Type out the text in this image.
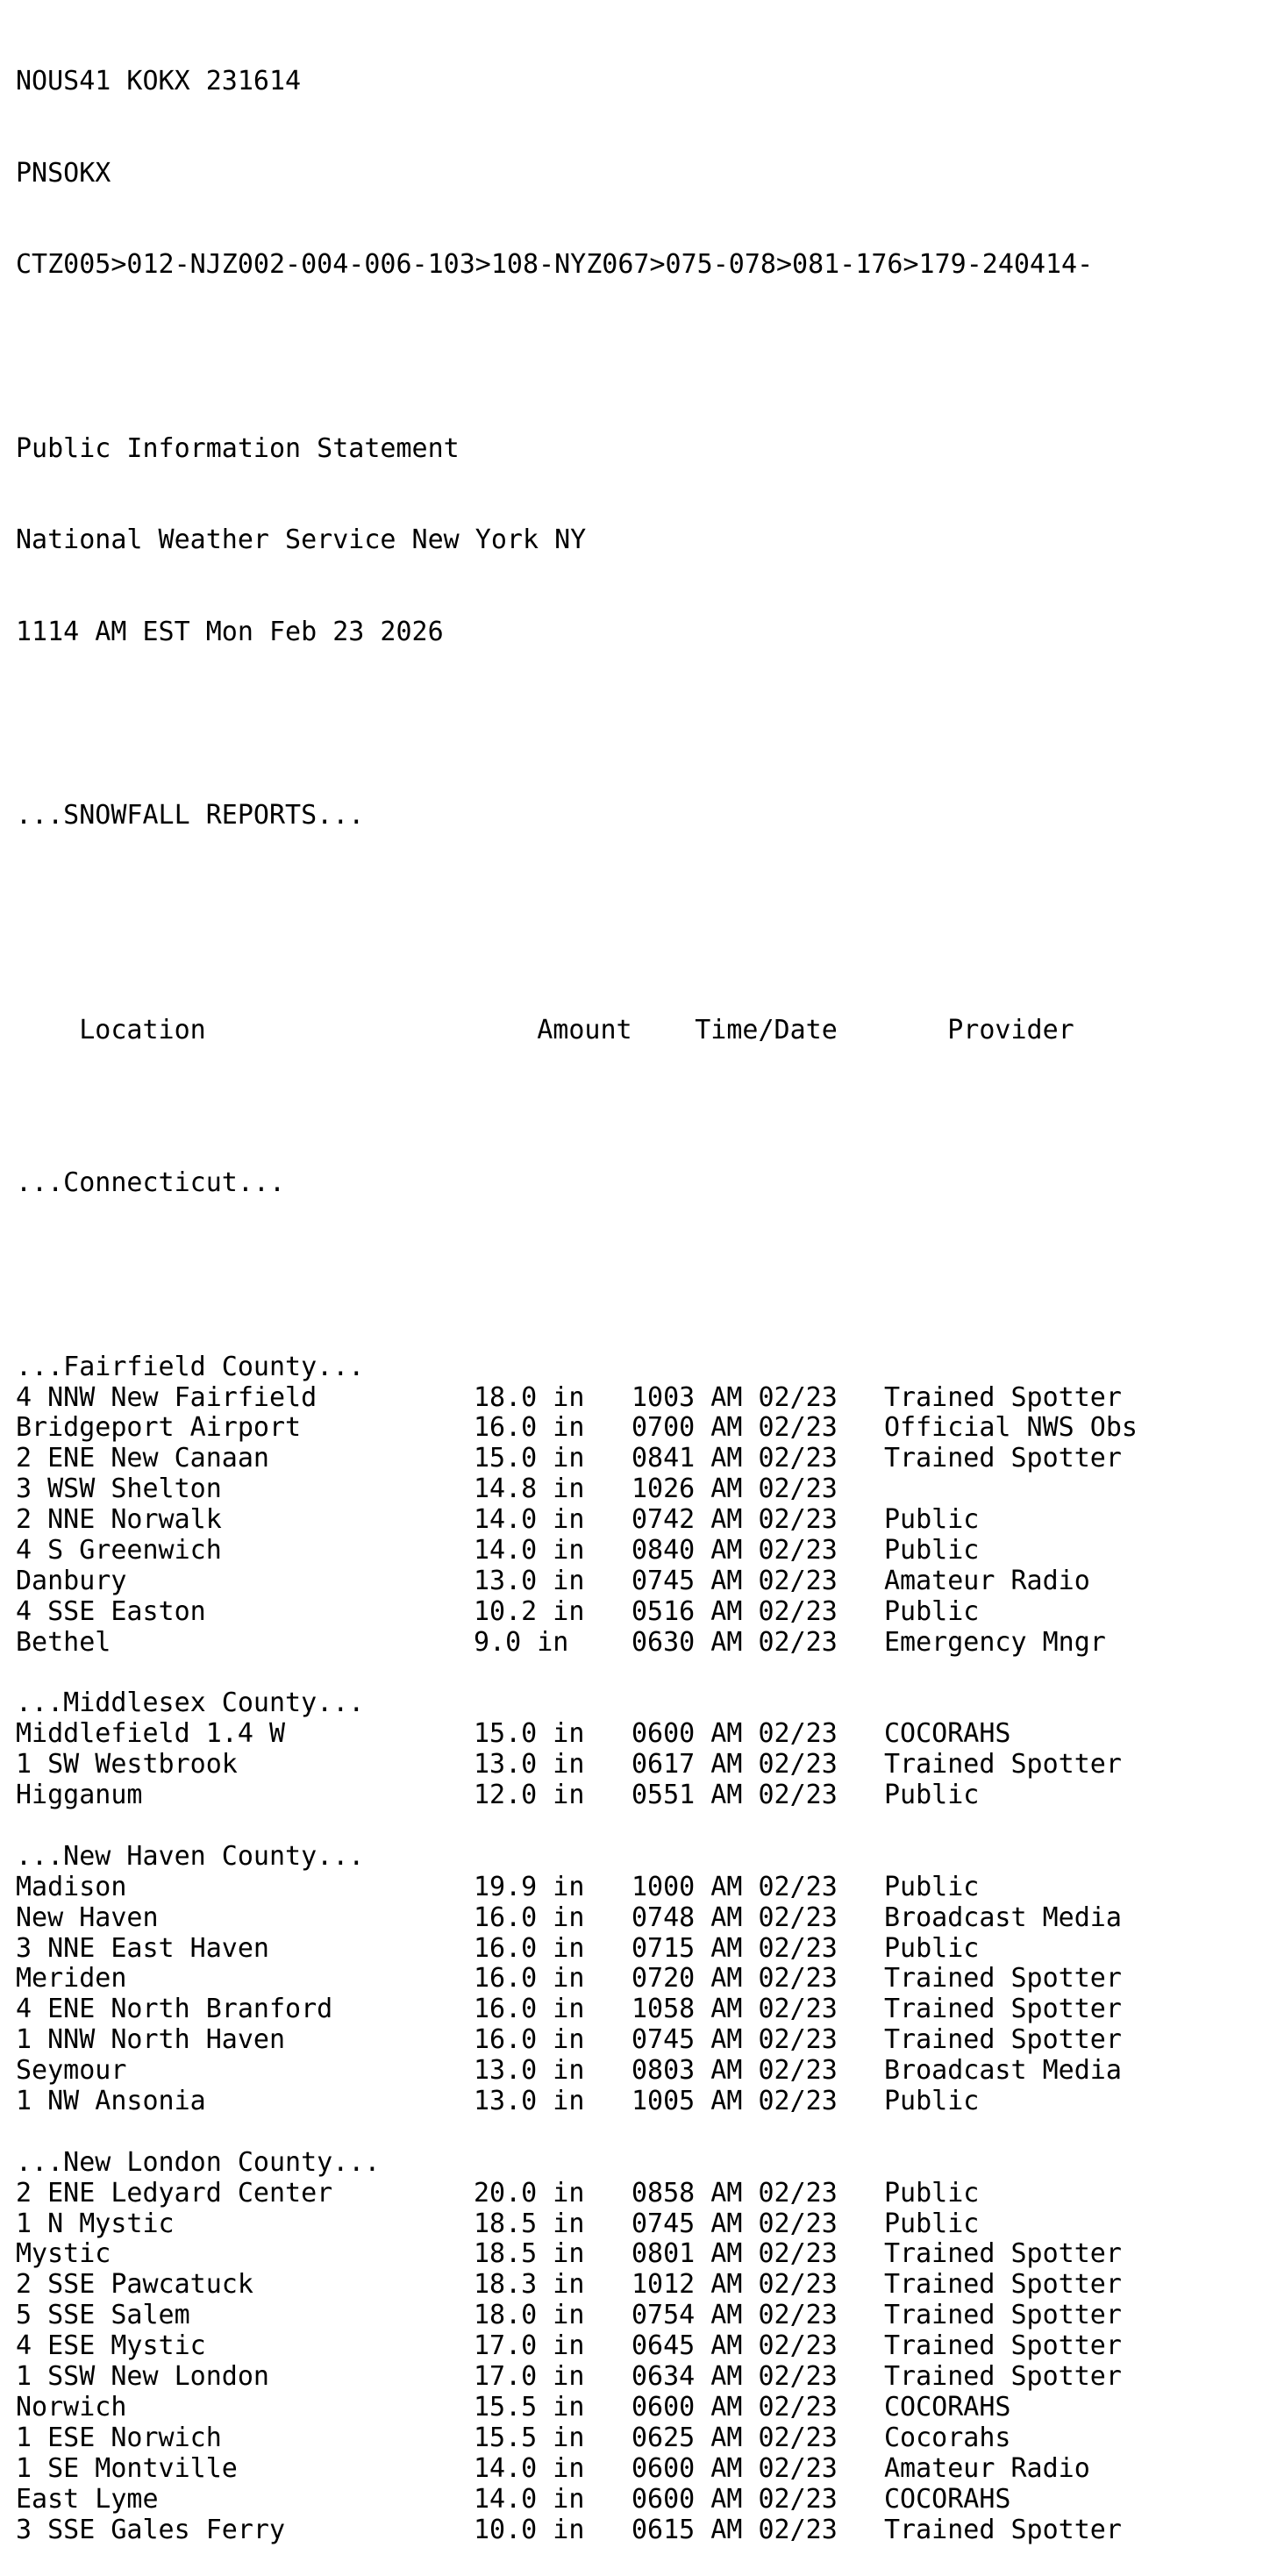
NOUS41 KOKX 231614

PNSOKX

CTZ005>012-NJZ002-004-006-103>108-NYZ067>075-078>081-176>179-240414-

Public Information Statement

National Weather Service New York NY

1114 AM EST Mon Feb 23 2026

...SNOWFALL REPORTS...

Location	Amount Time/Date	Provider

...Connecticut...

...Fairfield County...
4 NNW New Fairfield	18.0 in 1003 AM 02/23 Trained Spotter
Bridgeport Airport	16.0 in 0700 AM 02/23 Official NWS Obs
2 ENE New Canaan	15.0 in 0841 AM 02/23 Trained Spotter
3 WSW Shelton	14.8 in 1026 AM 02/23
2 NNE Norwalk	14.0 in 0742 AM 02/23 Public
4 S Greenwich	14.0 in 0840 AM 02/23 Public
Danbury	13.0 in 0745 AM 02/23 Amateur Radio
4 SSE Easton	10.2 in 0516 AM 02/23 Public
Bethel	9.0 in 0630 AM 02/23 Emergency Mngr
...Middlesex County...
Middlefield 1.4 W	15.0 in 0600 AM 02/23 COCORAHS
1 SW Westbrook	13.0 in 0617 AM 02/23 Trained Spotter
Higganum	12.0 in 0551 AM 02/23 Public
...New Haven County...
Madison	19.9 in 1000 AM 02/23 Public
New Haven	16.0 in 0748 AM 02/23 Broadcast Media
3 NNE East Haven	16.0 in 0715 AM 02/23 Public
Meriden	16.0 in 0720 AM 02/23 Trained Spotter
4 ENE North Branford	16.0 in 1058 AM 02/23 Trained Spotter
1 NNW North Haven	16.0 in 0745 AM 02/23 Trained Spotter
Seymour	13.0 in 0803 AM 02/23 Broadcast Media
1 NW Ansonia	13.0 in 1005 AM 02/23 Public
...New London County...
2 ENE Ledyard Center	20.0 in 0858 AM 02/23 Public
1 N Mystic	18.5 in 0745 AM 02/23 Public
Mystic	18.5 in 0801 AM 02/23 Trained Spotter
2 SSE Pawcatuck	18.3 in 1012 AM 02/23 Trained Spotter
5 SSE Salem	18.0 in 0754 AM 02/23 Trained Spotter
4 ESE Mystic	17.0 in 0645 AM 02/23 Trained Spotter
1 SSW New London	17.0 in 0634 AM 02/23 Trained Spotter
Norwich	15.5 in 0600 AM 02/23 COCORAHS
1 ESE Norwich	15.5 in 0625 AM 02/23 Cocorahs
1 SE Montville	14.0 in 0600 AM 02/23 Amateur Radio
East Lyme	14.0 in 0600 AM 02/23 COCORAHS
3 SSE Gales Ferry	10.0 in 0615 AM 02/23 Trained Spotter
